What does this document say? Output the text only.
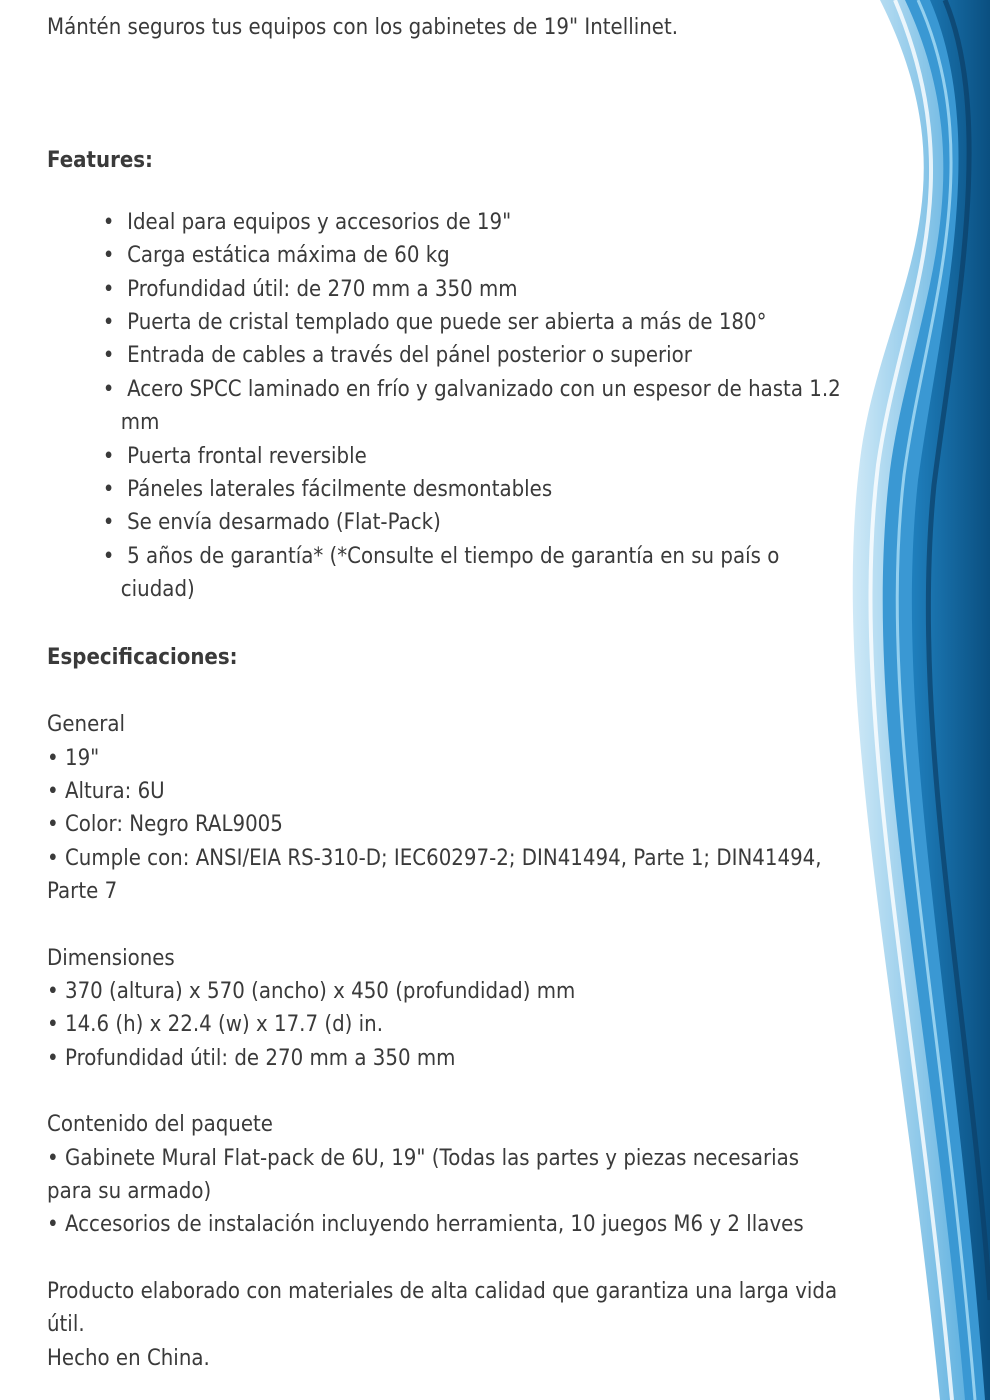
Mántén seguros tus equipos con los gabinetes de 19" Intellinet.

Features:

• Ideal para equipos y accesorios de 19"
• Carga estática máxima de 60 kg
• Profundidad útil: de 270 mm a 350 mm
• Puerta de cristal templado que puede ser abierta a más de 180°
• Entrada de cables a través del pánel posterior o superior
• Acero SPCC laminado en frío y galvanizado con un espesor de hasta 1.2
mm
• Puerta frontal reversible
• Páneles laterales fácilmente desmontables
• Se envía desarmado (Flat-Pack)
• 5 años de garantía* (*Consulte el tiempo de garantía en su país o
ciudad)

Especificaciones:

General

• 19"

• Altura: 6U

• Color: Negro RAL9005

• Cumple con: ANSI/EIA RS-310-D; IEC60297-2; DIN41494, Parte 1; DIN41494,

Parte 7

Dimensiones

• 370 (altura) x 570 (ancho) x 450 (profundidad) mm

• 14.6 (h) x 22.4 (w) x 17.7 (d) in.

• Profundidad útil: de 270 mm a 350 mm

Contenido del paquete

• Gabinete Mural Flat-pack de 6U, 19" (Todas las partes y piezas necesarias

para su armado)

• Accesorios de instalación incluyendo herramienta, 10 juegos M6 y 2 llaves

Producto elaborado con materiales de alta calidad que garantiza una larga vida

útil.

Hecho en China.
